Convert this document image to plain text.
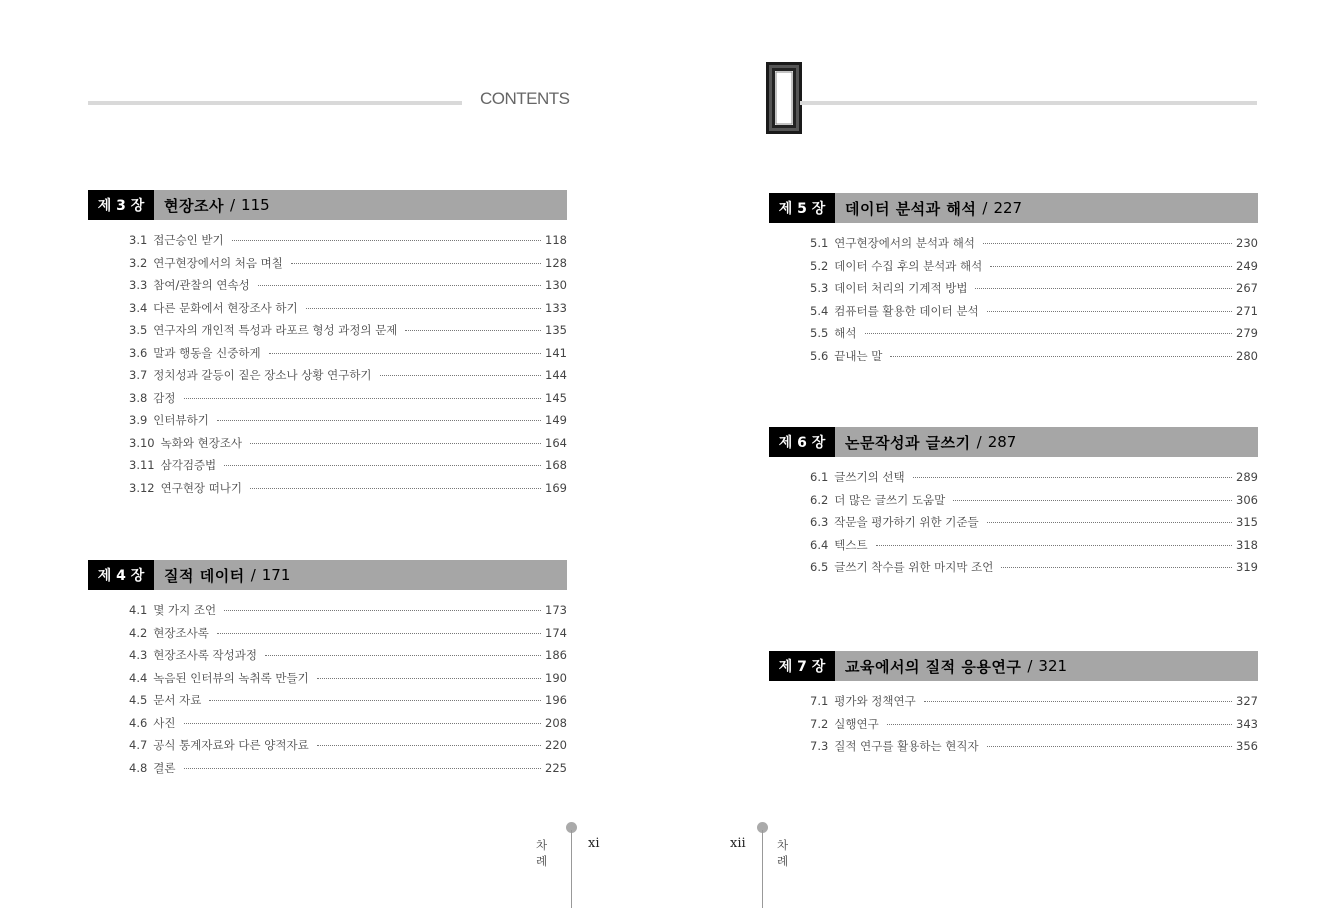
CONTENTS
제 3 장 현장조사 / 115
3.1 접근승인 받기	118
3.2 연구현장에서의 처음 며칠	128
3.3 참여/관찰의 연속성	130
3.4 다른 문화에서 현장조사 하기	133
3.5 연구자의 개인적 특성과 라포르 형성 과정의 문제	135
3.6 말과 행동을 신중하게	141
3.7 정치성과 갈등이 짙은 장소나 상황 연구하기	144
3.8 감정	145
3.9 인터뷰하기	149
3.10 녹화와 현장조사	164
3.11 삼각검증법	168
3.12 연구현장 떠나기	169
제 4 장 질적 데이터 / 171
4.1 몇 가지 조언	173
4.2 현장조사록	174
4.3 현장조사록 작성과정	186
4.4 녹음된 인터뷰의 녹취록 만들기	190
4.5 문서 자료	196
4.6 사진	208
4.7 공식 통계자료와 다른 양적자료	220
4.8 결론	225
차례
xi
제 5 장 데이터 분석과 해석 / 227
5.1 연구현장에서의 분석과 해석	230
5.2 데이터 수집 후의 분석과 해석	249
5.3 데이터 처리의 기계적 방법	267
5.4 컴퓨터를 활용한 데이터 분석	271
5.5 해석	279
5.6 끝내는 말	280
제 6 장 논문작성과 글쓰기 / 287
6.1 글쓰기의 선택	289
6.2 더 많은 글쓰기 도움말	306
6.3 작문을 평가하기 위한 기준들	315
6.4 텍스트	318
6.5 글쓰기 착수를 위한 마지막 조언	319
제 7 장 교육에서의 질적 응용연구 / 321
7.1 평가와 정책연구	327
7.2 실행연구	343
7.3 질적 연구를 활용하는 현직자	356
xii	차례
